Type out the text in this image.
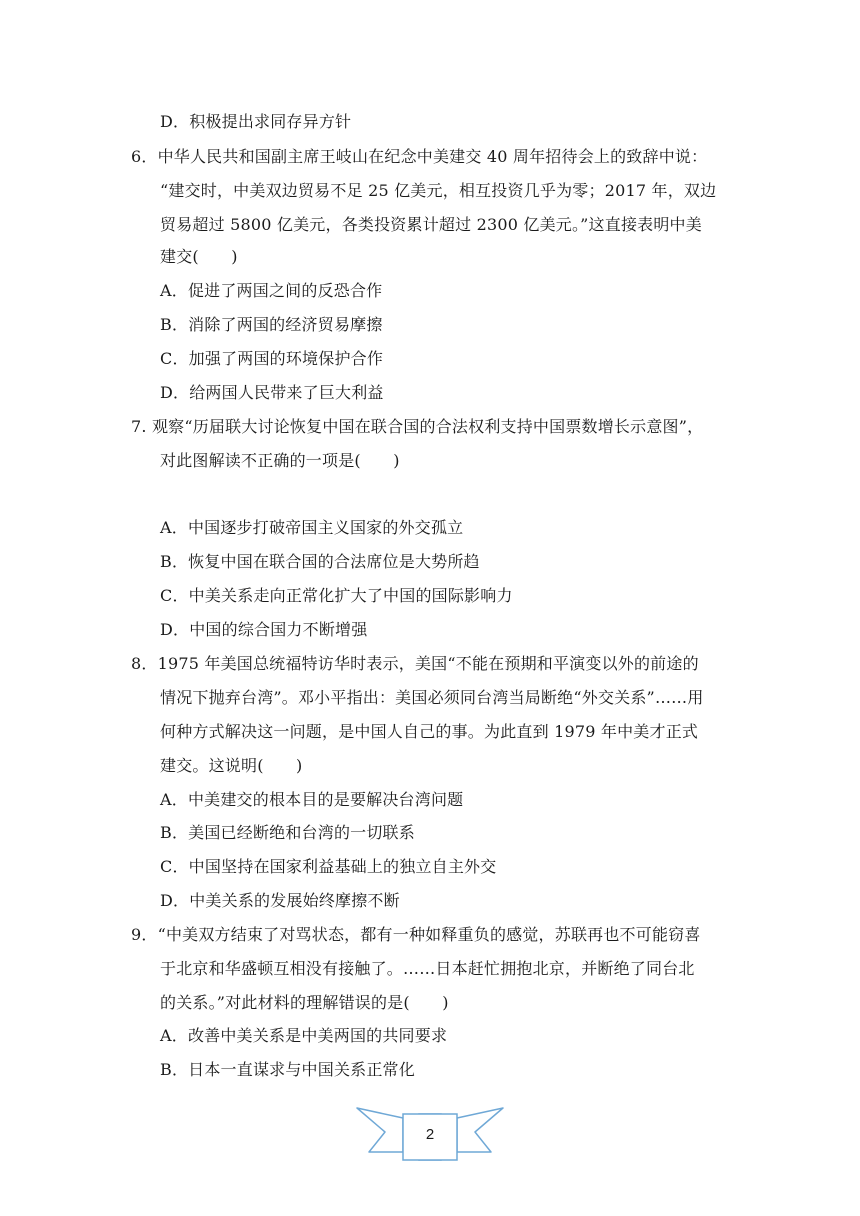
D．积极提出求同存异方针
6．中华人民共和国副主席王岐山在纪念中美建交 40 周年招待会上的致辞中说：
“建交时，中美双边贸易不足 25 亿美元，相互投资几乎为零；2017 年，双边
贸易超过 5800 亿美元，各类投资累计超过 2300 亿美元。”这直接表明中美
建交(　　)
A．促进了两国之间的反恐合作
B．消除了两国的经济贸易摩擦
C．加强了两国的环境保护合作
D．给两国人民带来了巨大利益
7. 观察“历届联大讨论恢复中国在联合国的合法权利支持中国票数增长示意图”，
对此图解读不正确的一项是(　　)
A．中国逐步打破帝国主义国家的外交孤立
B．恢复中国在联合国的合法席位是大势所趋
C．中美关系走向正常化扩大了中国的国际影响力
D．中国的综合国力不断增强
8．1975 年美国总统福特访华时表示，美国“不能在预期和平演变以外的前途的
情况下抛弃台湾”。邓小平指出：美国必须同台湾当局断绝“外交关系”……用
何种方式解决这一问题，是中国人自己的事。为此直到 1979 年中美才正式
建交。这说明(　　)
A．中美建交的根本目的是要解决台湾问题
B．美国已经断绝和台湾的一切联系
C．中国坚持在国家利益基础上的独立自主外交
D．中美关系的发展始终摩擦不断
9．“中美双方结束了对骂状态，都有一种如释重负的感觉，苏联再也不可能窃喜
于北京和华盛顿互相没有接触了。……日本赶忙拥抱北京，并断绝了同台北
的关系。”对此材料的理解错误的是(　　)
A．改善中美关系是中美两国的共同要求
B．日本一直谋求与中国关系正常化
2
